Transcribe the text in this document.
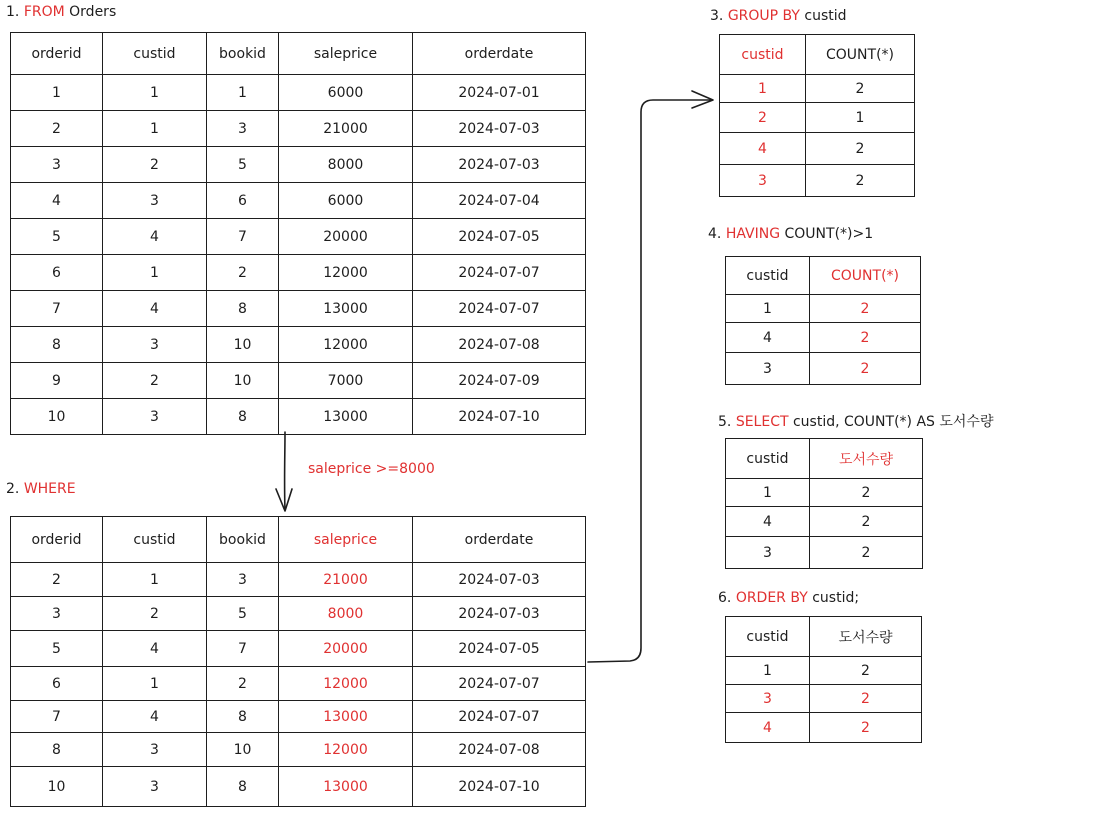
1. FROM Orders
2. WHERE
saleprice >=8000
3. GROUP BY custid
4. HAVING COUNT(*)>1
5. SELECT custid, COUNT(*) AS 도서수량
6. ORDER BY custid;
orderid	custid	bookid	saleprice	orderdate
1	1	1	6000	2024-07-01
2	1	3	21000	2024-07-03
3	2	5	8000	2024-07-03
4	3	6	6000	2024-07-04
5	4	7	20000	2024-07-05
6	1	2	12000	2024-07-07
7	4	8	13000	2024-07-07
8	3	10	12000	2024-07-08
9	2	10	7000	2024-07-09
10	3	8	13000	2024-07-10
orderid	custid	bookid	saleprice	orderdate
2	1	3	21000	2024-07-03
3	2	5	8000	2024-07-03
5	4	7	20000	2024-07-05
6	1	2	12000	2024-07-07
7	4	8	13000	2024-07-07
8	3	10	12000	2024-07-08
10	3	8	13000	2024-07-10
custid	COUNT(*)
1	2
2	1
4	2
3	2
custid	COUNT(*)
1	2
4	2
3	2
custid	도서수량
1	2
4	2
3	2
custid	도서수량
1	2
3	2
4	2
